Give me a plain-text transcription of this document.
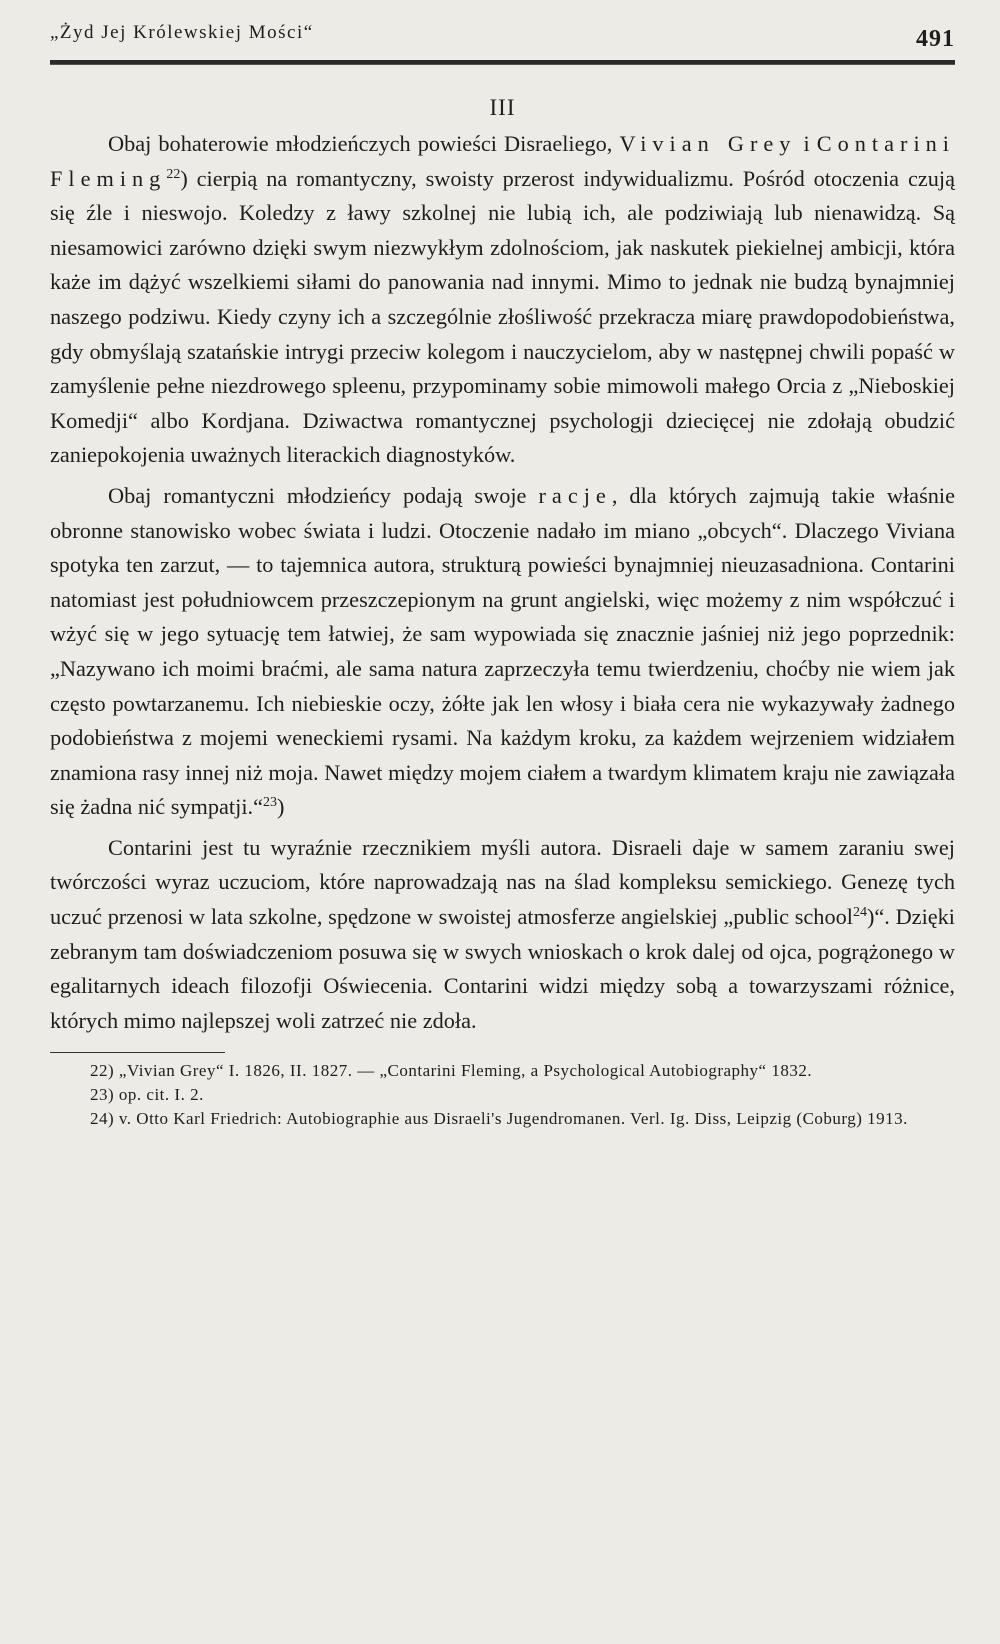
„Żyd Jej Królewskiej Mości“	491
III

Obaj bohaterowie młodzieńczych powieści Disraeliego, Vivian Grey i Contarini Fleming$^{22}$) cierpią na romantyczny, swoisty przerost indywidualizmu. Pośród otoczenia czują się źle i nieswojo. Koledzy z ławy szkolnej nie lubią ich, ale podziwiają lub nienawidzą. Są niesamowici zarówno dzięki swym niezwykłym zdolnościom, jak naskutek piekielnej ambicji, która każe im dążyć wszelkiemi siłami do panowania nad innymi. Mimo to jednak nie budzą bynajmniej naszego podziwu. Kiedy czyny ich a szczególnie złośliwość przekracza miarę prawdopodobieństwa, gdy obmyślają szatańskie intrygi przeciw kolegom i nauczycielom, aby w następnej chwili popaść w zamyślenie pełne niezdrowego spleenu, przypominamy sobie mimowoli małego Orcia z „Nieboskiej Komedji“ albo Kordjana. Dziwactwa romantycznej psychologji dziecięcej nie zdołają obudzić zaniepokojenia uważnych literackich diagnostyków.

Obaj romantyczni młodzieńcy podają swoje racje, dla których zajmują takie właśnie obronne stanowisko wobec świata i ludzi. Otoczenie nadało im miano „obcych“. Dlaczego Viviana spotyka ten zarzut, — to tajemnica autora, strukturą powieści bynajmniej nieuzasadniona. Contarini natomiast jest południowcem przeszczepionym na grunt angielski, więc możemy z nim współczuć i wżyć się w jego sytuację tem łatwiej, że sam wypowiada się znacznie jaśniej niż jego poprzednik: „Nazywano ich moimi braćmi, ale sama natura zaprzeczyła temu twierdzeniu, choćby nie wiem jak często powtarzanemu. Ich niebieskie oczy, żółte jak len włosy i biała cera nie wykazywały żadnego podobieństwa z mojemi weneckiemi rysami. Na każdym kroku, za każdem wejrzeniem widziałem znamiona rasy innej niż moja. Nawet między mojem ciałem a twardym klimatem kraju nie zawiązała się żadna nić sympatji.“$^{23}$)

Contarini jest tu wyraźnie rzecznikiem myśli autora. Disraeli daje w samem zaraniu swej twórczości wyraz uczuciom, które naprowadzają nas na ślad kompleksu semickiego. Genezę tych uczuć przenosi w lata szkolne, spędzone w swoistej atmosferze angielskiej „public school$^{24}$)“. Dzięki zebranym tam doświadczeniom posuwa się w swych wnioskach o krok dalej od ojca, pogrążonego w egalitarnych ideach filozofji Oświecenia. Contarini widzi między sobą a towarzyszami różnice, których mimo najlepszej woli zatrzeć nie zdoła.

22) „Vivian Grey“ I. 1826, II. 1827. — „Contarini Fleming, a Psychological Autobiography“ 1832.

23) op. cit. I. 2.

24) v. Otto Karl Friedrich: Autobiographie aus Disraeli's Jugendromanen. Verl. Ig. Diss, Leipzig (Coburg) 1913.
